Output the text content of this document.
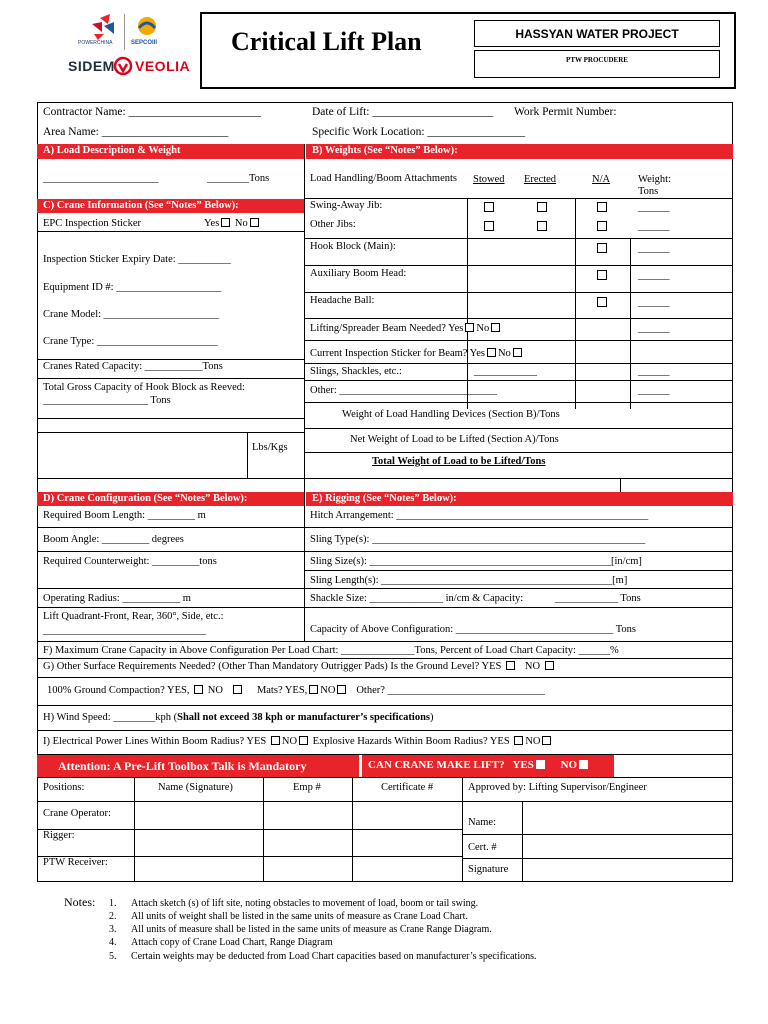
POWERCHINA	SEPCOIII
SIDEM VEOLIA
Critical Lift Plan	HASSYAN WATER PROJECT
PTW PROCUDERE
Contractor Name: _______________________	Date of Lift: _____________________ Work Permit Number:
Area Name: ______________________	Specific Work Location: _________________
A) Load Description & Weight	B) Weights (See “Notes” Below):
______________________	________Tons	Load Handling/Boom Attachments Stowed Erected	N/A	Weight: Tons
C) Crane Information (See “Notes” Below):	Swing-Away Jib:	______
Other Jibs:	______
Hook Block (Main):	______
Auxiliary Boom Head:	______
Headache Ball:	______
Lifting/Spreader Beam Needed? Yes No	______
Current Inspection Sticker for Beam? Yes No
Slings, Shackles, etc.:	____________	______
Other: ______________________________	______
Weight of Load Handling Devices (Section B)/Tons
Net Weight of Load to be Lifted (Section A)/Tons
Total Weight of Load to be Lifted/Tons
EPC Inspection Sticker	Yes No
Inspection Sticker Expiry Date: __________
Equipment ID #: ____________________
Crane Model: ______________________
Crane Type: _______________________
Cranes Rated Capacity: ___________Tons
Total Gross Capacity of Hook Block as Reeved:
____________________ Tons
Lbs/Kgs
D) Crane Configuration (See “Notes” Below):	E) Rigging (See “Notes” Below):
Required Boom Length: _________ m
Boom Angle: _________ degrees
Required Counterweight: _________tons
Operating Radius: ___________ m
Lift Quadrant-Front, Rear, 360°, Side, etc.:
_______________________________
Hitch Arrangement: ________________________________________________
Sling Type(s): ____________________________________________________
Sling Size(s): ______________________________________________[in/cm]
Sling Length(s): ____________________________________________[m]
Shackle Size: ______________ in/cm & Capacity:	____________ Tons
Capacity of Above Configuration: ______________________________ Tons
F) Maximum Crane Capacity in Above Configuration Per Load Chart: ______________Tons, Percent of Load Chart Capacity: ______%
G) Other Surface Requirements Needed? (Other Than Mandatory Outrigger Pads) Is the Ground Level? YES NO
100% Ground Compaction? YES, NO	Mats? YES, NO Other? ______________________________
H) Wind Speed: ________kph (Shall not exceed 38 kph or manufacturer’s specifications)
I) Electrical Power Lines Within Boom Radius? YES NO Explosive Hazards Within Boom Radius? YES NO
Attention: A Pre-Lift Toolbox Talk is Mandatory	CAN CRANE MAKE LIFT? YES NO
Positions:	Name (Signature)	Emp #	Certificate #	Approved by: Lifting Supervisor/Engineer
Crane Operator:
Rigger:
PTW Receiver:
Name:
Cert. #
Signature
Notes: 1. Attach sketch (s) of lift site, noting obstacles to movement of load, boom or tail swing.
2. All units of weight shall be listed in the same units of measure as Crane Load Chart.
3. All units of measure shall be listed in the same units of measure as Crane Range Diagram.
4. Attach copy of Crane Load Chart, Range Diagram
5. Certain weights may be deducted from Load Chart capacities based on manufacturer’s specifications.
